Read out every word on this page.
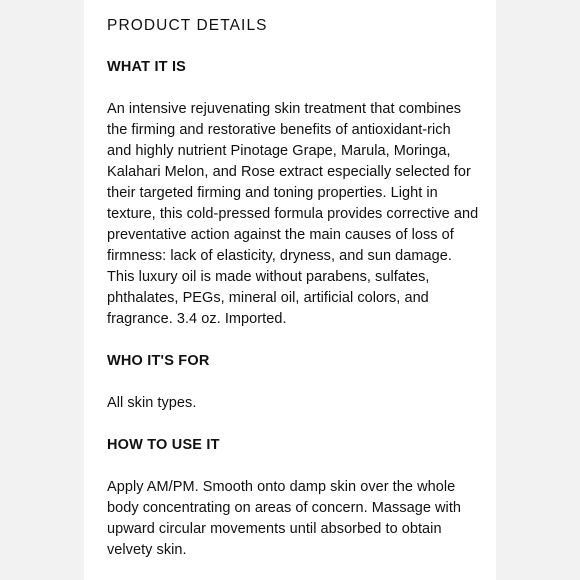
PRODUCT DETAILS
WHAT IT IS
An intensive rejuvenating skin treatment that combines the firming and restorative benefits of antioxidant-rich and highly nutrient Pinotage Grape, Marula, Moringa, Kalahari Melon, and Rose extract especially selected for their targeted firming and toning properties. Light in texture, this cold-pressed formula provides corrective and preventative action against the main causes of loss of firmness: lack of elasticity, dryness, and sun damage. This luxury oil is made without parabens, sulfates, phthalates, PEGs, mineral oil, artificial colors, and fragrance. 3.4 oz. Imported.
WHO IT'S FOR
All skin types.
HOW TO USE IT
Apply AM/PM. Smooth onto damp skin over the whole body concentrating on areas of concern. Massage with upward circular movements until absorbed to obtain velvety skin.
